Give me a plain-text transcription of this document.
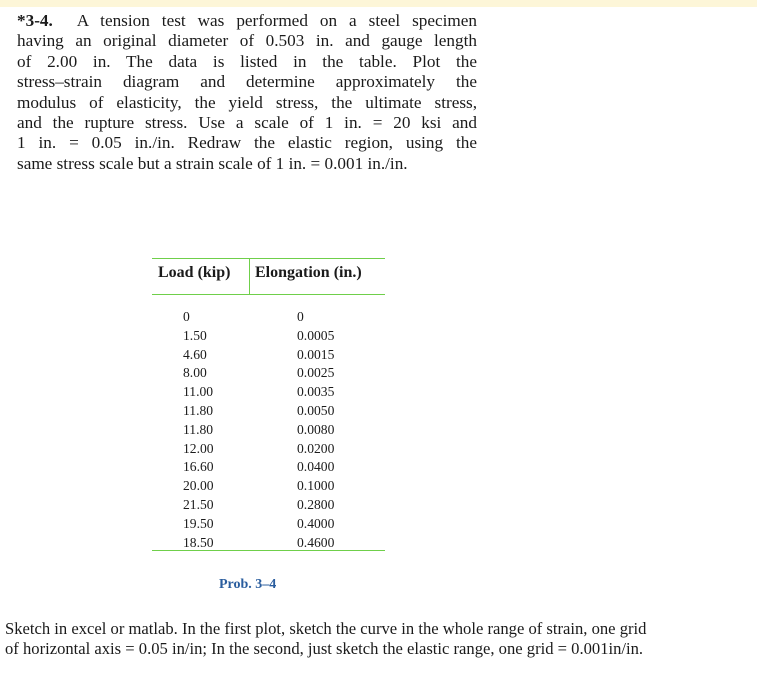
*3-4. A tension test was performed on a steel specimen
having an original diameter of 0.503 in. and gauge length
of 2.00 in. The data is listed in the table. Plot the
stress–strain diagram and determine approximately the
modulus of elasticity, the yield stress, the ultimate stress,
and the rupture stress. Use a scale of 1 in. = 20 ksi and
1 in. = 0.05 in./in. Redraw the elastic region, using the
same stress scale but a strain scale of 1 in. = 0.001 in./in.
Load (kip) Elongation (in.)
0
1.50
4.60
8.00
11.00
11.80
11.80
12.00
16.60
20.00
21.50
19.50
18.50
0
0.0005
0.0015
0.0025
0.0035
0.0050
0.0080
0.0200
0.0400
0.1000
0.2800
0.4000
0.4600
Prob. 3–4
Sketch in excel or matlab. In the first plot, sketch the curve in the whole range of strain, one grid
of horizontal axis = 0.05 in/in; In the second, just sketch the elastic range, one grid = 0.001in/in.
